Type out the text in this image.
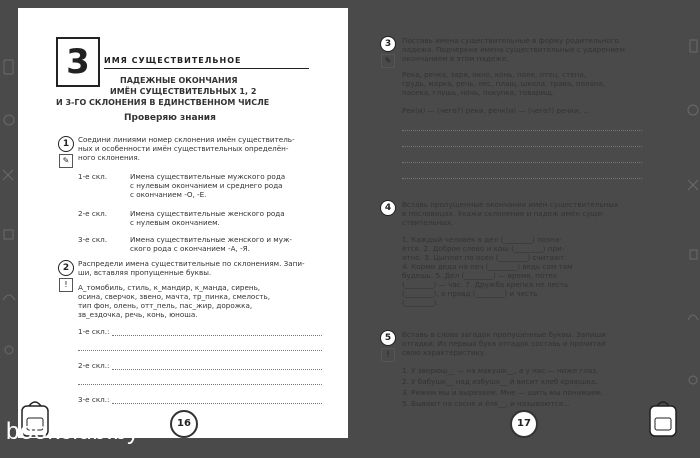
3	ИМЯ СУЩЕСТВИТЕЛЬНОЕ
ПАДЕЖНЫЕ ОКОНЧАНИЯ
ИМЁН СУЩЕСТВИТЕЛЬНЫХ 1, 2
И 3-ГО СКЛОНЕНИЯ В ЕДИНСТВЕННОМ ЧИСЛЕ
Проверяю знания
1
✎
Соедини линиями номер склонения имён существитель-
ных и особенности имён существительных определён-
ного склонения.
1-е скл.	Имена существительные мужского рода
с нулевым окончанием и среднего рода
с окончанием -О, -Е.
2-е скл.	Имена существительные женского рода
с нулевым окончанием.
3-е скл.	Имена существительные женского и муж-
ского рода с окончанием -А, -Я.
2
!
Распредели имена существительные по склонениям. Запи-
ши, вставляя пропущенные буквы.
А_томобиль, стиль, к_мандир, к_манда, сирень,
осина, сверчок, звено, мачта, тр_пинка, смелость,
тип фон, олень, отт_пель, пас_жир, дорожка,
зв_ездочка, речь, конь, юноша.
1-е скл.:
2-е скл.:
3-е скл.:
16
3
✎
Поставь имена существительные в форму родительного
падежа. Подчеркни имена существительные с ударением
окончанием в этом падеже.
Река, речка, заря, окно, конь, поле, отец, стена,
грудь, марка, речь, лес, плащ, школа, трава, поляна,
пасека, глушь, ночь, покупка, товарищ.
Рек(и) — (чего?) реки, речк(и) — (чего?) речки, ...
4	Вставь пропущенные окончания имён существительных
в пословицах. Укажи склонение и падеж имён суще-
ствительных.
1. Каждый человек в дел (________) позна-
ётся. 2. Доброе слово и кош (________) при-
ятно. 3. Цыплят по осен (________) считают.
4. Корми деда на печ (________) ведь сам там
будешь. 5. Дел (________) — время, потех
(________) — час. 7. Дружба крепка не лесть
(________), а правд (________) и честь
(________).
5
!
Вставь в слова загадок пропущенные буквы. Запиши
отгадки. Из первых букв отгадок составь и прочитай
свою характеристику.
1. У зверюш__ — на макушк__, а у нас — ниже глаз.
2. У бабушк__ над избушк__ й висит хлеб краюшка.
3. Режем мы и вырезаем. Мне — шить мы понимаем.
5. Бывают на сосне и ёлк__, и называются...
17
bookclub.by
